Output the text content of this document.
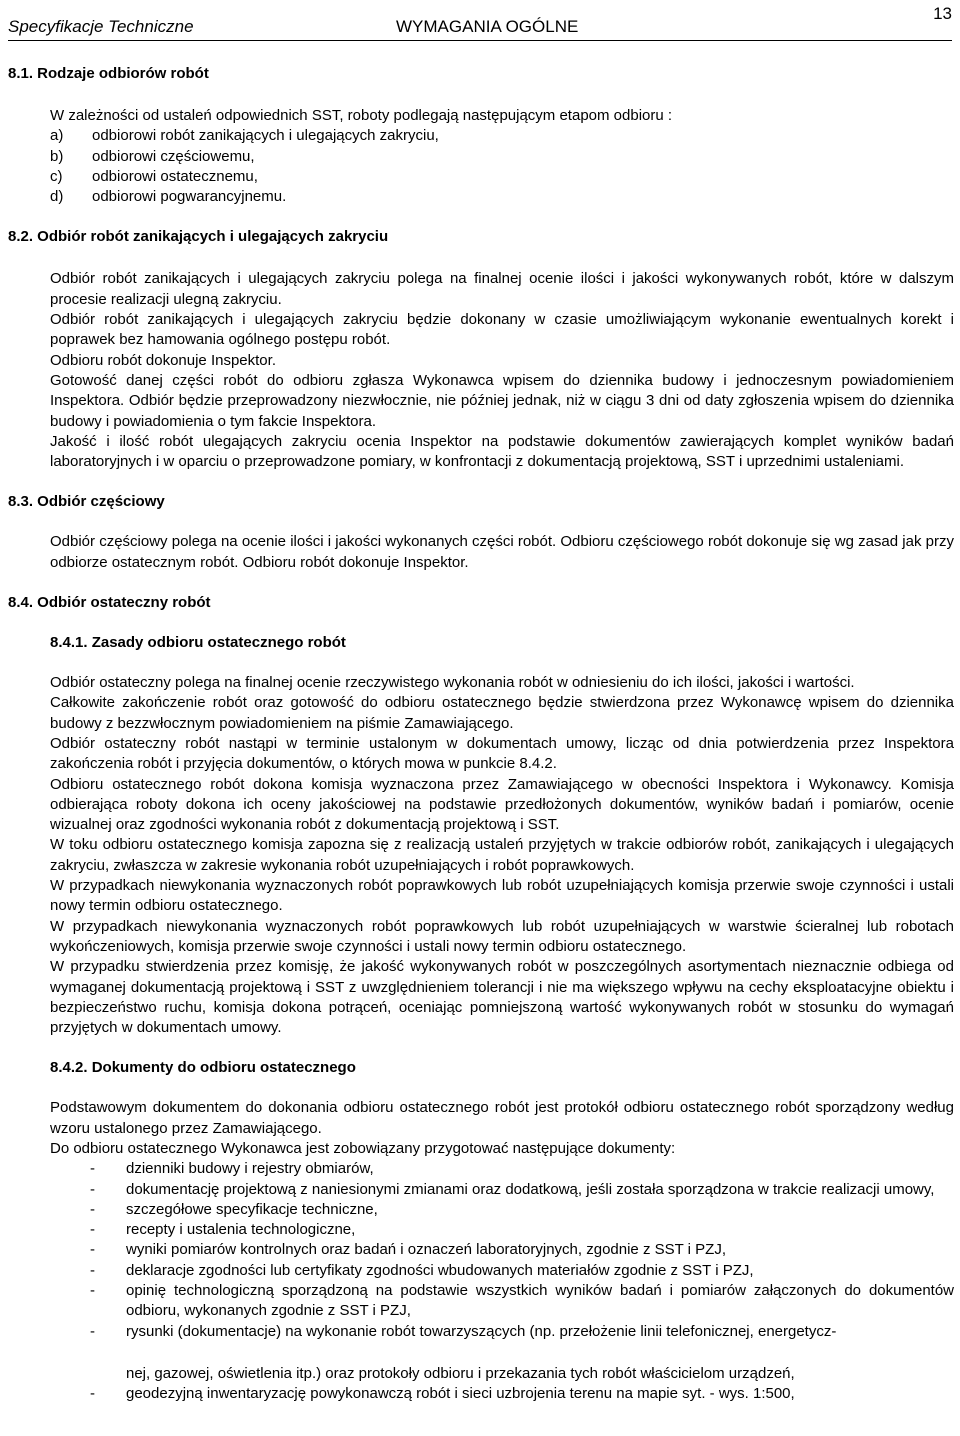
Specyfikacje Techniczne	WYMAGANIA OGÓLNE
13
8.1. Rodzaje odbiorów robót
W zależności od ustaleń odpowiednich SST, roboty podlegają następującym etapom odbioru :
a)	odbiorowi robót zanikających i ulegających zakryciu,
b)	odbiorowi częściowemu,
c)	odbiorowi ostatecznemu,
d)	odbiorowi pogwarancyjnemu.
8.2. Odbiór robót zanikających i ulegających zakryciu
Odbiór robót zanikających i ulegających zakryciu polega na finalnej ocenie ilości i jakości wykonywanych robót, które w dalszym procesie realizacji ulegną zakryciu.
Odbiór robót zanikających i ulegających zakryciu będzie dokonany w czasie umożliwiającym wykonanie ewentualnych korekt i poprawek bez hamowania ogólnego postępu robót.
Odbioru robót dokonuje Inspektor.
Gotowość danej części robót do odbioru zgłasza Wykonawca wpisem do dziennika budowy i jednoczesnym powiadomieniem Inspektora. Odbiór będzie przeprowadzony niezwłocznie, nie później jednak, niż w ciągu 3 dni od daty zgłoszenia wpisem do dziennika budowy i powiadomienia o tym fakcie Inspektora.
Jakość i ilość robót ulegających zakryciu ocenia Inspektor na podstawie dokumentów zawierających komplet wyników badań laboratoryjnych i w oparciu o przeprowadzone pomiary, w konfrontacji z dokumentacją projektową, SST i uprzednimi ustaleniami.
8.3. Odbiór częściowy
Odbiór częściowy polega na ocenie ilości i jakości wykonanych części robót. Odbioru częściowego robót dokonuje się wg zasad jak przy odbiorze ostatecznym robót. Odbioru robót dokonuje Inspektor.
8.4. Odbiór ostateczny robót
8.4.1. Zasady odbioru ostatecznego robót
Odbiór ostateczny polega na finalnej ocenie rzeczywistego wykonania robót w odniesieniu do ich ilości, jakości i wartości.
Całkowite zakończenie robót oraz gotowość do odbioru ostatecznego będzie stwierdzona przez Wykonawcę wpisem do dziennika budowy z bezzwłocznym powiadomieniem na piśmie Zamawiającego.
Odbiór ostateczny robót nastąpi w terminie ustalonym w dokumentach umowy, licząc od dnia potwierdzenia przez Inspektora zakończenia robót i przyjęcia dokumentów, o których mowa w punkcie 8.4.2.
Odbioru ostatecznego robót dokona komisja wyznaczona przez Zamawiającego w obecności Inspektora i Wykonawcy. Komisja odbierająca roboty dokona ich oceny jakościowej na podstawie przedłożonych dokumentów, wyników badań i pomiarów, ocenie wizualnej oraz zgodności wykonania robót z dokumentacją projektową i SST.
W toku odbioru ostatecznego komisja zapozna się z realizacją ustaleń przyjętych w trakcie odbiorów robót, zanikających i ulegających zakryciu, zwłaszcza w zakresie wykonania robót uzupełniających i robót poprawkowych.
W przypadkach niewykonania wyznaczonych robót poprawkowych lub robót uzupełniających komisja przerwie swoje czynności i ustali nowy termin odbioru ostatecznego.
W przypadkach niewykonania wyznaczonych robót poprawkowych lub robót uzupełniających w warstwie ścieralnej lub robotach wykończeniowych, komisja przerwie swoje czynności i ustali nowy termin odbioru ostatecznego.
W przypadku stwierdzenia przez komisję, że jakość wykonywanych robót w poszczególnych asortymentach nieznacznie odbiega od wymaganej dokumentacją projektową i SST z uwzględnieniem tolerancji i nie ma większego wpływu na cechy eksploatacyjne obiektu i bezpieczeństwo ruchu, komisja dokona potrąceń, oceniając pomniejszoną wartość wykonywanych robót w stosunku do wymagań przyjętych w dokumentach umowy.
8.4.2. Dokumenty do odbioru ostatecznego
Podstawowym dokumentem do dokonania odbioru ostatecznego robót jest protokół odbioru ostatecznego robót sporządzony według wzoru ustalonego przez Zamawiającego.
Do odbioru ostatecznego Wykonawca jest zobowiązany przygotować następujące dokumenty:
-	dzienniki budowy i rejestry obmiarów,
-	dokumentację projektową z naniesionymi zmianami oraz dodatkową, jeśli została sporządzona w trakcie realizacji umowy,
-	szczegółowe specyfikacje techniczne,
-	recepty i ustalenia technologiczne,
-	wyniki pomiarów kontrolnych oraz badań i oznaczeń laboratoryjnych, zgodnie z SST i PZJ,
-	deklaracje zgodności lub certyfikaty zgodności wbudowanych materiałów zgodnie z SST i PZJ,
-	opinię technologiczną sporządzoną na podstawie wszystkich wyników badań i pomiarów załączonych do dokumentów odbioru, wykonanych zgodnie z SST i PZJ,
-	rysunki (dokumentacje) na wykonanie robót towarzyszących (np. przełożenie linii telefonicznej, energetycz-
nej, gazowej, oświetlenia itp.) oraz protokoły odbioru i przekazania tych robót właścicielom urządzeń,
-	geodezyjną inwentaryzację powykonawczą robót i sieci uzbrojenia terenu na mapie syt. - wys. 1:500,
